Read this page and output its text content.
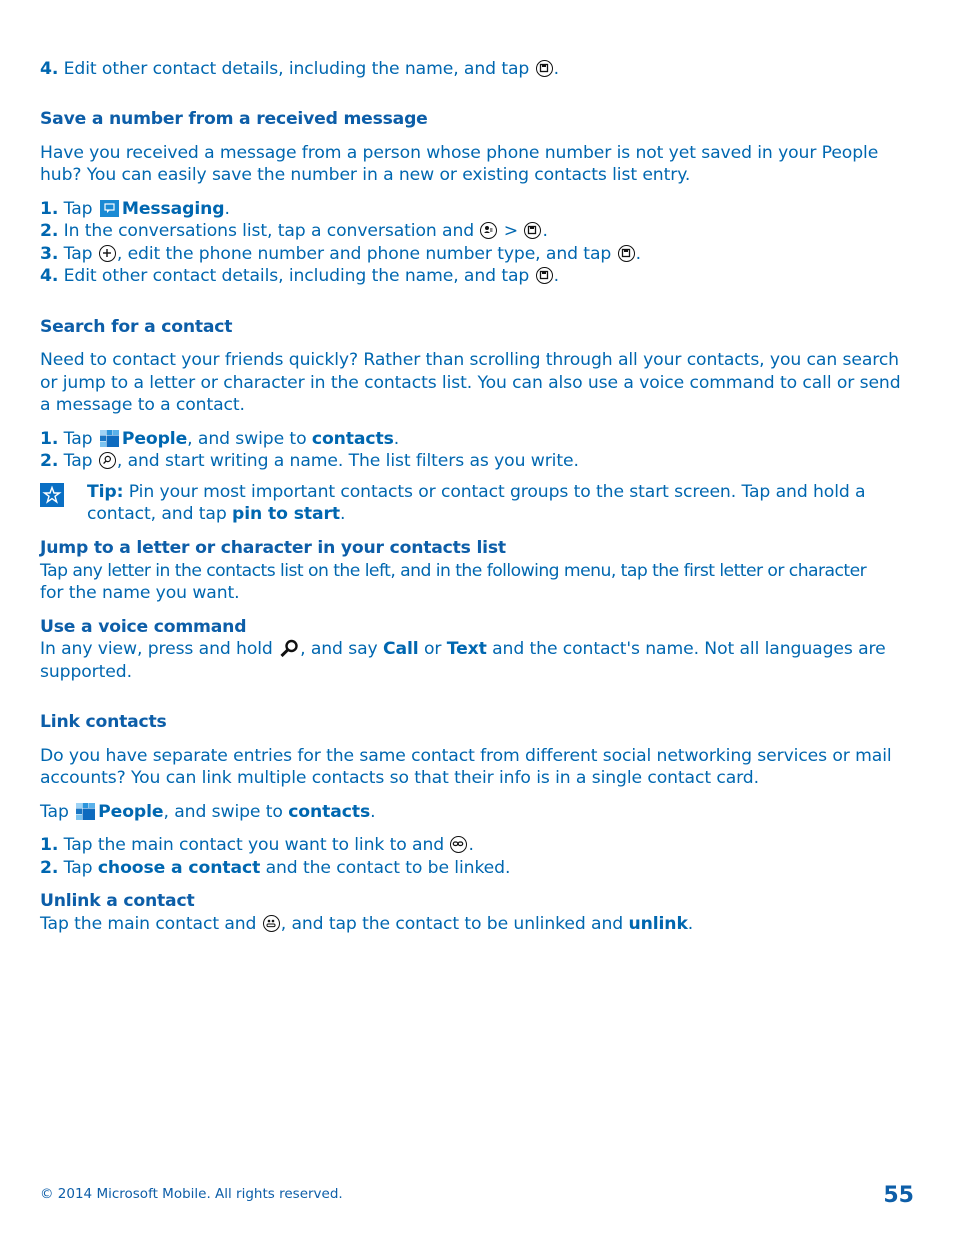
4. Edit other contact details, including the name, and tap .
Save a number from a received message
Have you received a message from a person whose phone number is not yet saved in your People
hub? You can easily save the number in a new or existing contacts list entry.
1. Tap Messaging.
2. In the conversations list, tap a conversation and
>
.
3. Tap , edit the phone number and phone number type, and tap .
4. Edit other contact details, including the name, and tap .
Search for a contact
Need to contact your friends quickly? Rather than scrolling through all your contacts, you can search
or jump to a letter or character in the contacts list. You can also use a voice command to call or send
a message to a contact.
1. Tap People, and swipe to contacts.
2. Tap , and start writing a name. The list filters as you write.
Tip: Pin your most important contacts or contact groups to the start screen. Tap and hold a
contact, and tap pin to start.
Jump to a letter or character in your contacts list
Tap any letter in the contacts list on the left, and in the following menu, tap the first letter or character
for the name you want.
Use a voice command
In any view, press and hold , and say Call or Text and the contact's name. Not all languages are
supported.
Link contacts
Do you have separate entries for the same contact from different social networking services or mail
accounts? You can link multiple contacts so that their info is in a single contact card.
Tap People, and swipe to contacts.
1. Tap the main contact you want to link to and .
2. Tap choose a contact and the contact to be linked.
Unlink a contact
Tap the main contact and , and tap the contact to be unlinked and unlink.
© 2014 Microsoft Mobile. All rights reserved.	55
